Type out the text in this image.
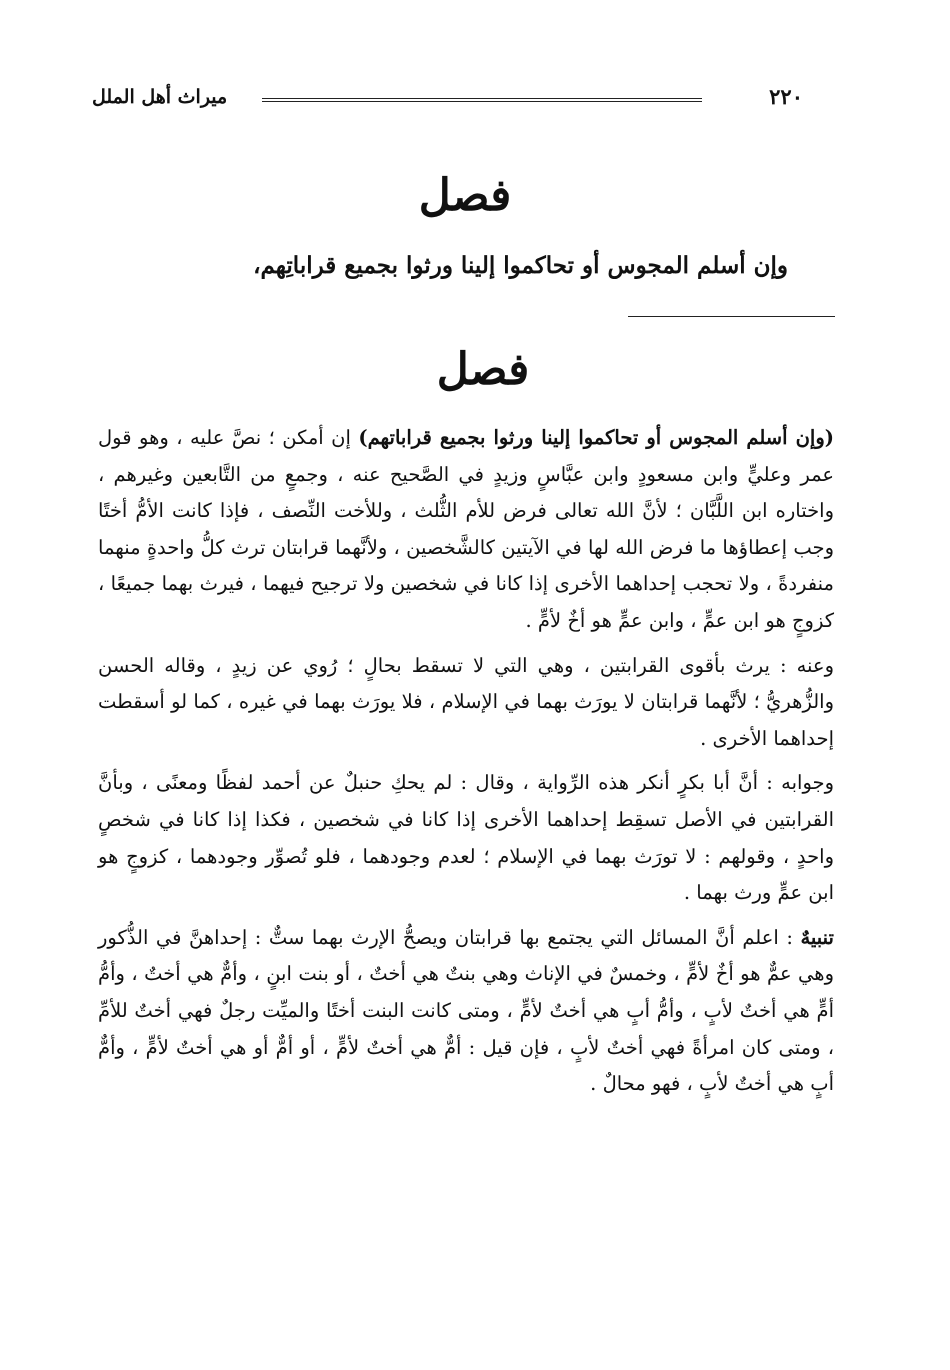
ميراث أهل الملل	٢٢٠
فصل
وإن أسلم المجوس أو تحاكموا إلينا ورثوا بجميع قراباتِهم،
فصل

(وإن أسلم المجوس أو تحاكموا إلينا ورثوا بجميع قراباتهم) إن أمكن ؛ نصَّ عليه ، وهو قول عمر وعليٍّ وابن مسعودٍ وابن عبَّاسٍ وزيدٍ في الصَّحيح عنه ، وجمعٍ من التَّابعين وغيرهم ، واختاره ابن اللَّبَّان ؛ لأنَّ الله تعالى فرض للأم الثُّلث ، وللأخت النِّصف ، فإذا كانت الأمُّ أختًا وجب إعطاؤها ما فرض الله لها في الآيتين كالشَّخصين ، ولأنَّهما قرابتان ترث كلُّ واحدةٍ منهما منفردةً ، ولا تحجب إحداهما الأخرى إذا كانا في شخصين ولا ترجيح فيهما ، فيرث بهما جميعًا ، كزوجٍ هو ابن عمٍّ ، وابن عمٍّ هو أخٌ لأمٍّ .

وعنه : يرث بأقوى القرابتين ، وهي التي لا تسقط بحالٍ ؛ رُوي عن زيدٍ ، وقاله الحسن والزُّهريُّ ؛ لأنَّهما قرابتان لا يورَث بهما في الإسلام ، فلا يورَث بهما في غيره ، كما لو أسقطت إحداهما الأخرى .

وجوابه : أنَّ أبا بكرٍ أنكر هذه الرِّواية ، وقال : لم يحكِ حنبلٌ عن أحمد لفظًا ومعنًى ، وبأنَّ القرابتين في الأصل تسقِط إحداهما الأخرى إذا كانا في شخصين ، فكذا إذا كانا في شخصٍ واحدٍ ، وقولهم : لا تورَث بهما في الإسلام ؛ لعدم وجودهما ، فلو تُصوِّر وجودهما ، كزوجٍ هو ابن عمٍّ ورث بهما .

تنبيهٌ : اعلم أنَّ المسائل التي يجتمع بها قرابتان ويصحُّ الإرث بهما ستٌّ : إحداهنَّ في الذُّكور وهي عمٌّ هو أخٌ لأمٍّ ، وخمسٌ في الإناث وهي بنتٌ هي أختٌ ، أو بنت ابنٍ ، وأمٌّ هي أختٌ ، وأمُّ أمٍّ هي أختٌ لأبٍ ، وأمُّ أبٍ هي أختٌ لأمٍّ ، ومتى كانت البنت أختًا والميِّت رجلٌ فهي أختٌ للأمِّ ، ومتى كان امرأةً فهي أختٌ لأبٍ ، فإن قيل : أمٌّ هي أختٌ لأمٍّ ، أو أمٌّ أو هي أختٌ لأمٍّ ، وأمٌّ أبٍ هي أختٌ لأبٍ ، فهو محالٌ .
